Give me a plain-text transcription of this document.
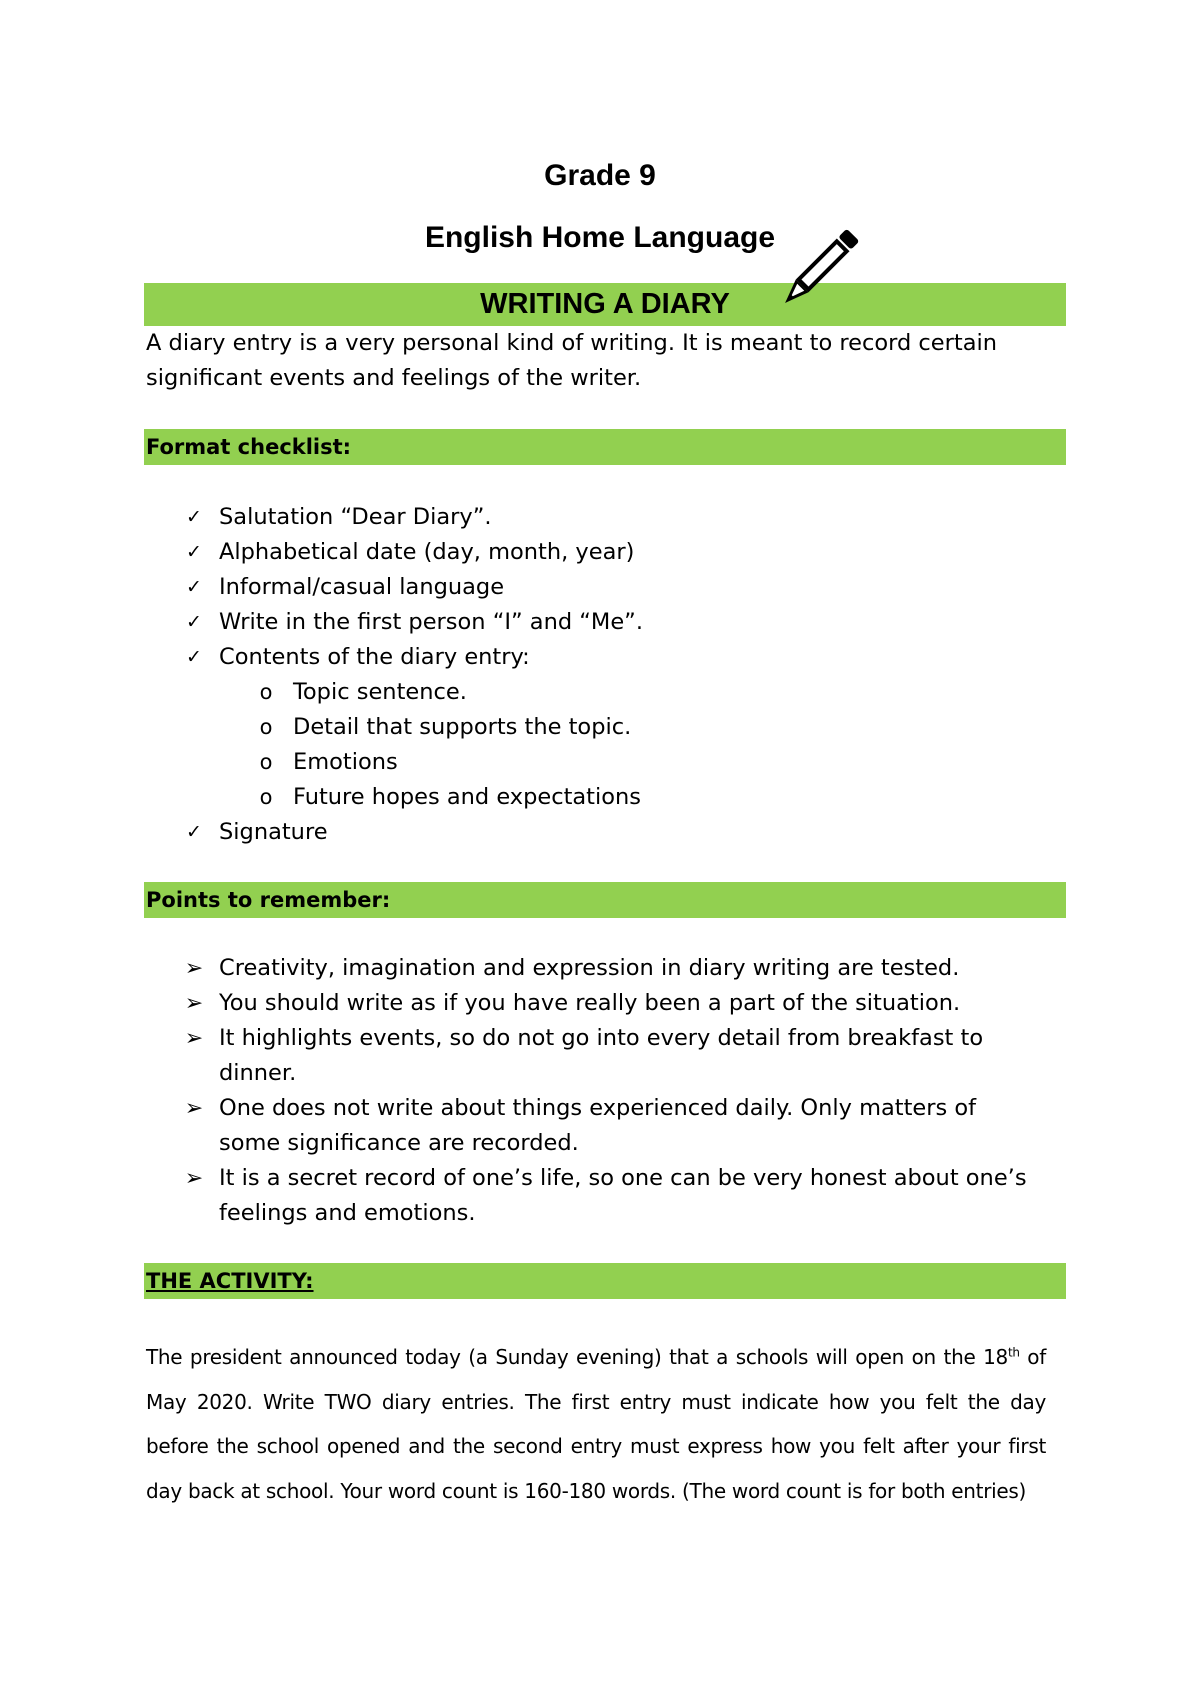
Grade 9
English Home Language
WRITING A DIARY
A diary entry is a very personal kind of writing. It is meant to record certain significant events and feelings of the writer.
Format checklist:
✓ Salutation “Dear Diary”.
✓ Alphabetical date (day, month, year)
✓ Informal/casual language
✓ Write in the first person “I” and “Me”.
✓ Contents of the diary entry:
o Topic sentence.
o Detail that supports the topic.
o Emotions
o Future hopes and expectations
✓ Signature
Points to remember:
➢ Creativity, imagination and expression in diary writing are tested.
➢ You should write as if you have really been a part of the situation.
➢ It highlights events, so do not go into every detail from breakfast to dinner.
➢ One does not write about things experienced daily. Only matters of some significance are recorded.
➢ It is a secret record of one’s life, so one can be very honest about one’s feelings and emotions.
THE ACTIVITY:
The president announced today (a Sunday evening) that a schools will open on the 18th of May 2020. Write TWO diary entries. The first entry must indicate how you felt the day before the school opened and the second entry must express how you felt after your first day back at school. Your word count is 160-180 words. (The word count is for both entries)
